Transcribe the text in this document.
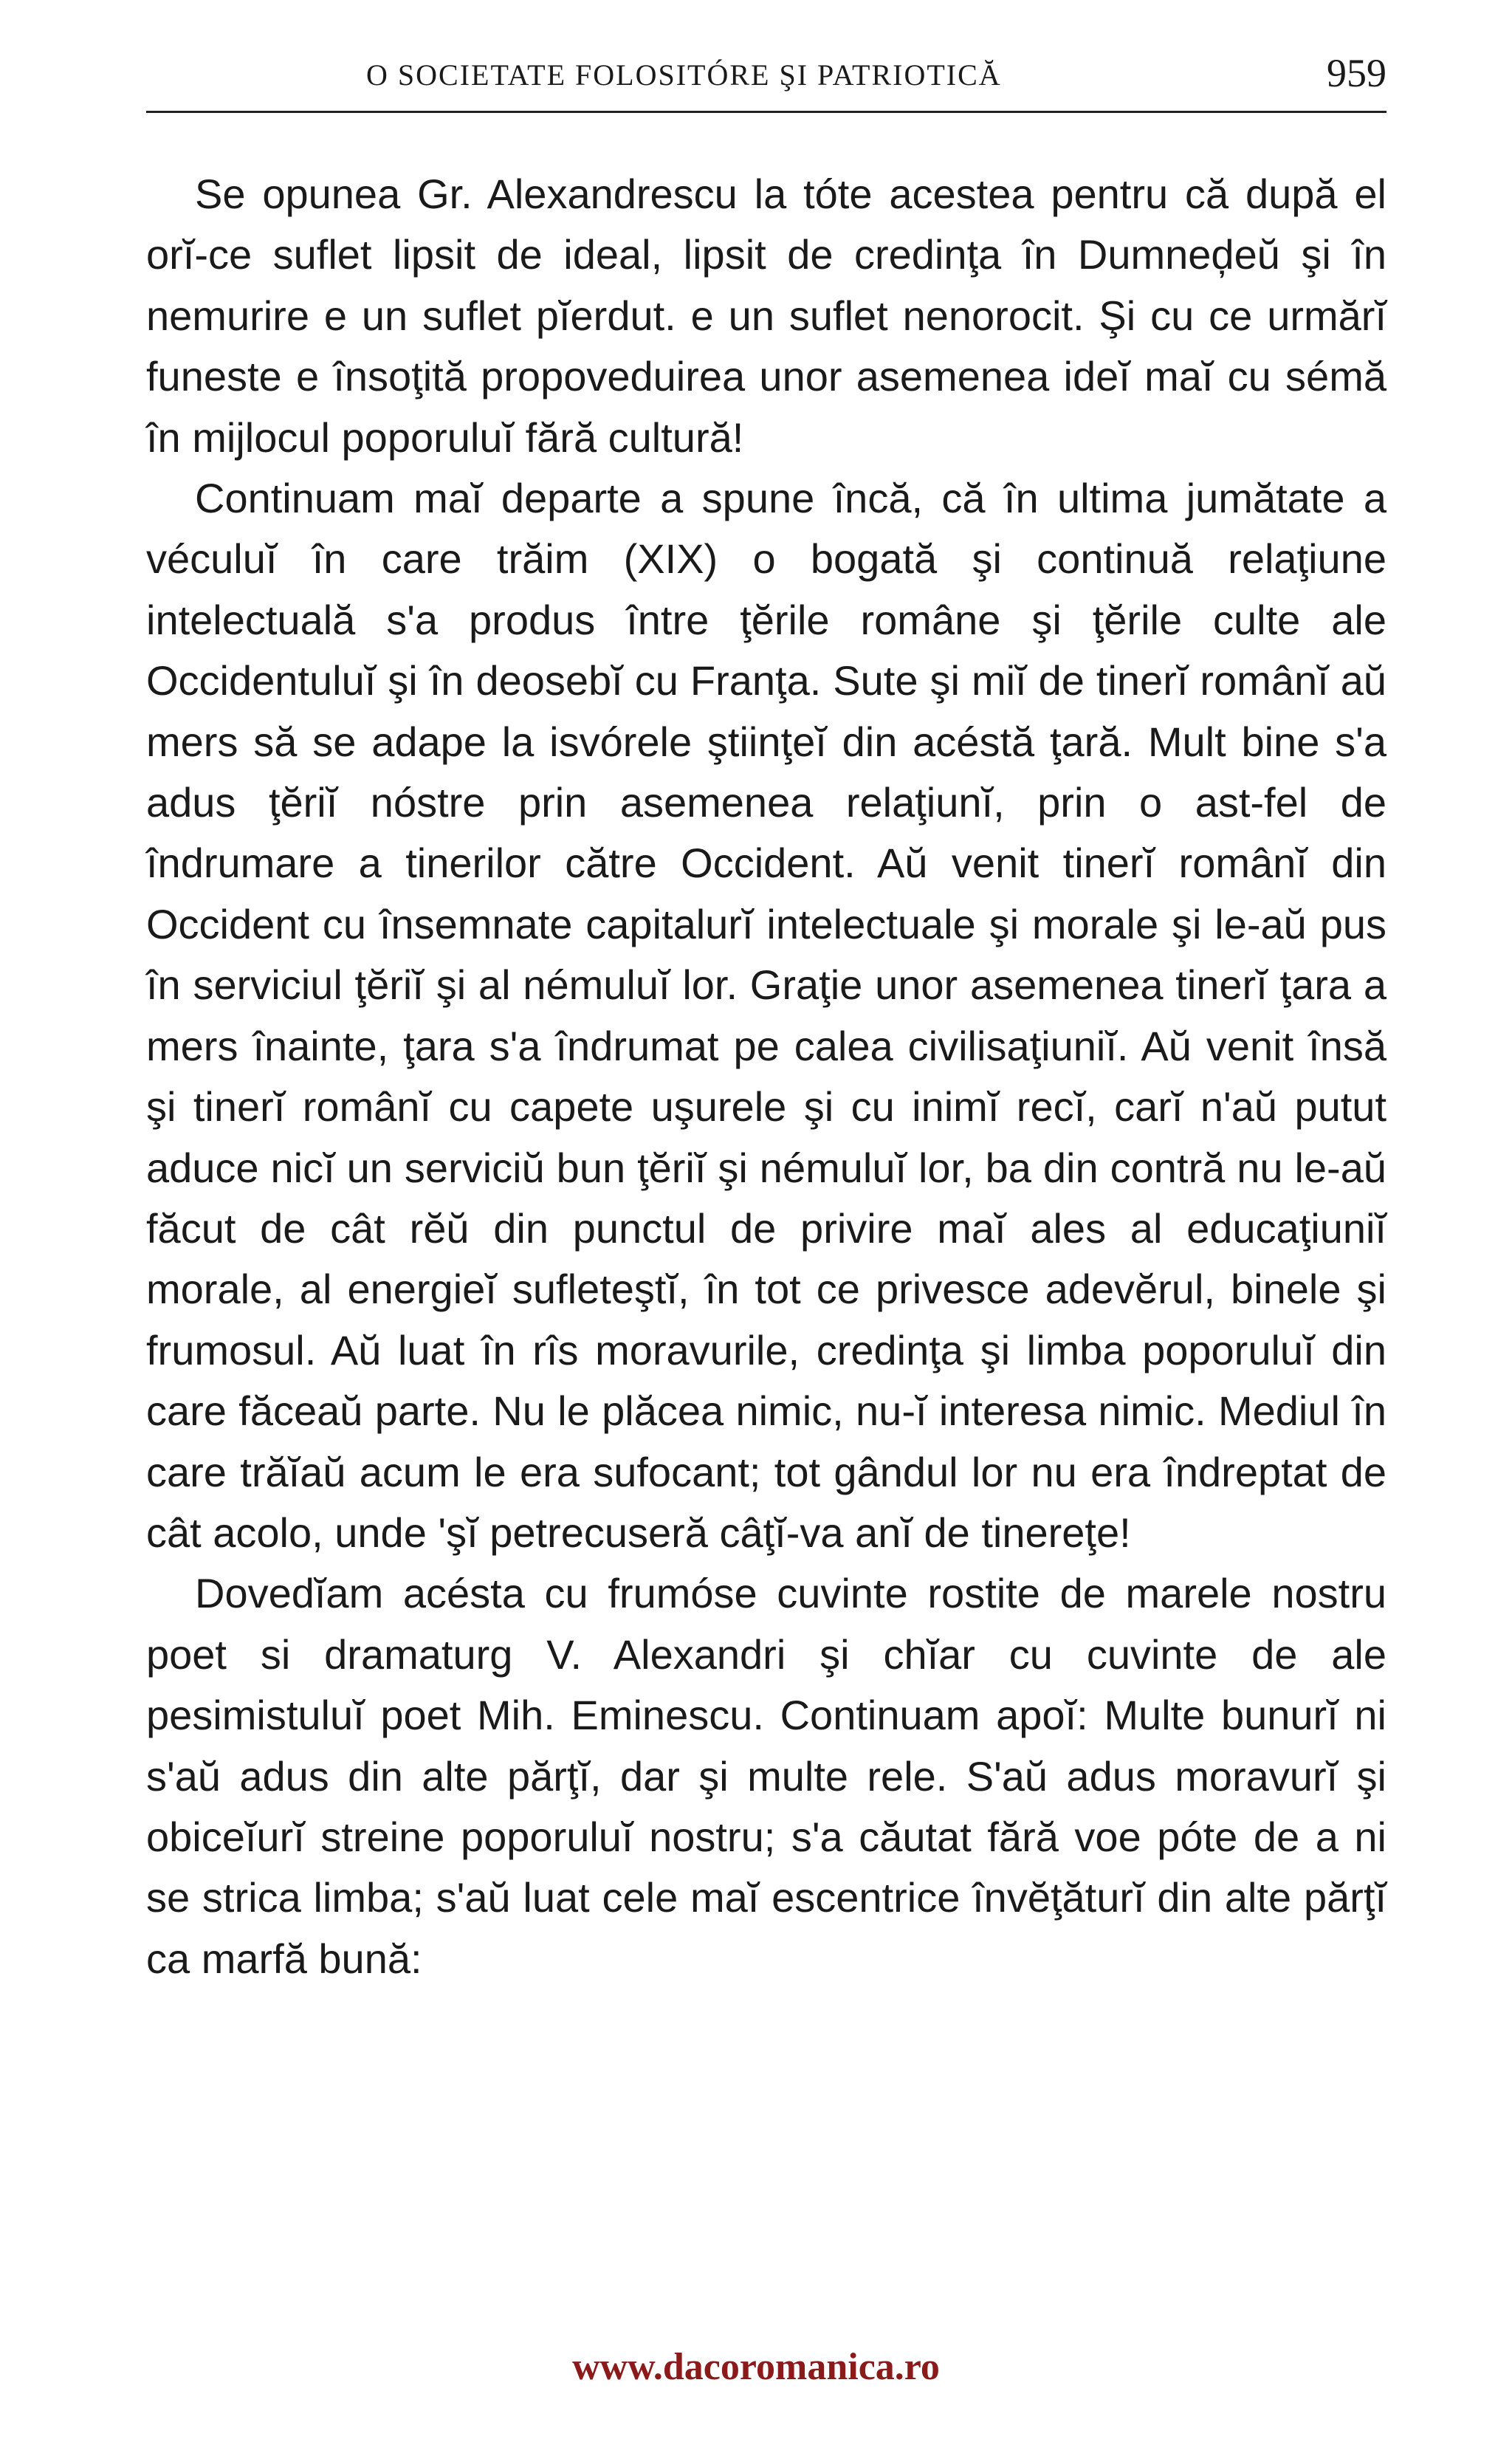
O SOCIETATE FOLOSITÓRE ŞI PATRIOTICĂ	959

Se opunea Gr. Alexandrescu la tóte acestea pentru că după el orĭ-ce suflet lipsit de ideal, lipsit de credinţa în Dumneḑeŭ şi în nemurire e un suflet pĭerdut. e un suflet nenorocit. Şi cu ce urmărĭ funeste e însoţită propoveduirea unor asemenea ideĭ maĭ cu sémă în mijlocul poporuluĭ fără cultură!

Continuam maĭ departe a spune încă, că în ultima jumătate a véculuĭ în care trăim (XIX) o bogată şi continuă relaţiune intelectuală s'a produs între ţĕrile române şi ţĕrile culte ale Occidentuluĭ şi în deosebĭ cu Franţa. Sute şi miĭ de tinerĭ românĭ aŭ mers să se adape la isvórele ştiinţeĭ din acéstă ţară. Mult bine s'a adus ţĕriĭ nóstre prin asemenea relaţiunĭ, prin o ast-fel de îndrumare a tinerilor către Occident. Aŭ venit tinerĭ românĭ din Occident cu însemnate capitalurĭ intelectuale şi morale şi le-aŭ pus în serviciul ţĕriĭ şi al némuluĭ lor. Graţie unor asemenea tinerĭ ţara a mers înainte, ţara s'a îndrumat pe calea civilisaţiuniĭ. Aŭ venit însă şi tinerĭ românĭ cu capete uşurele şi cu inimĭ recĭ, carĭ n'aŭ putut aduce nicĭ un serviciŭ bun ţĕriĭ şi némuluĭ lor, ba din contră nu le-aŭ făcut de cât rĕŭ din punctul de privire maĭ ales al educaţiuniĭ morale, al energieĭ sufleteştĭ, în tot ce privesce adevĕrul, binele şi frumosul. Aŭ luat în rîs moravurile, credinţa şi limba poporuluĭ din care făceaŭ parte. Nu le plăcea nimic, nu-ĭ interesa nimic. Mediul în care trăĭaŭ acum le era sufocant; tot gândul lor nu era îndreptat de cât acolo, unde 'şĭ petrecuseră câţĭ-va anĭ de tinereţe!

Dovedĭam acésta cu frumóse cuvinte rostite de marele nostru poet si dramaturg V. Alexandri şi chĭar cu cuvinte de ale pesimistuluĭ poet Mih. Eminescu. Continuam apoĭ: Multe bunurĭ ni s'aŭ adus din alte părţĭ, dar şi multe rele. S'aŭ adus moravurĭ şi obiceĭurĭ streine poporuluĭ nostru; s'a căutat fără voe póte de a ni se strica limba; s'aŭ luat cele maĭ escentrice învĕţăturĭ din alte părţĭ ca marfă bună:

www.dacoromanica.ro
